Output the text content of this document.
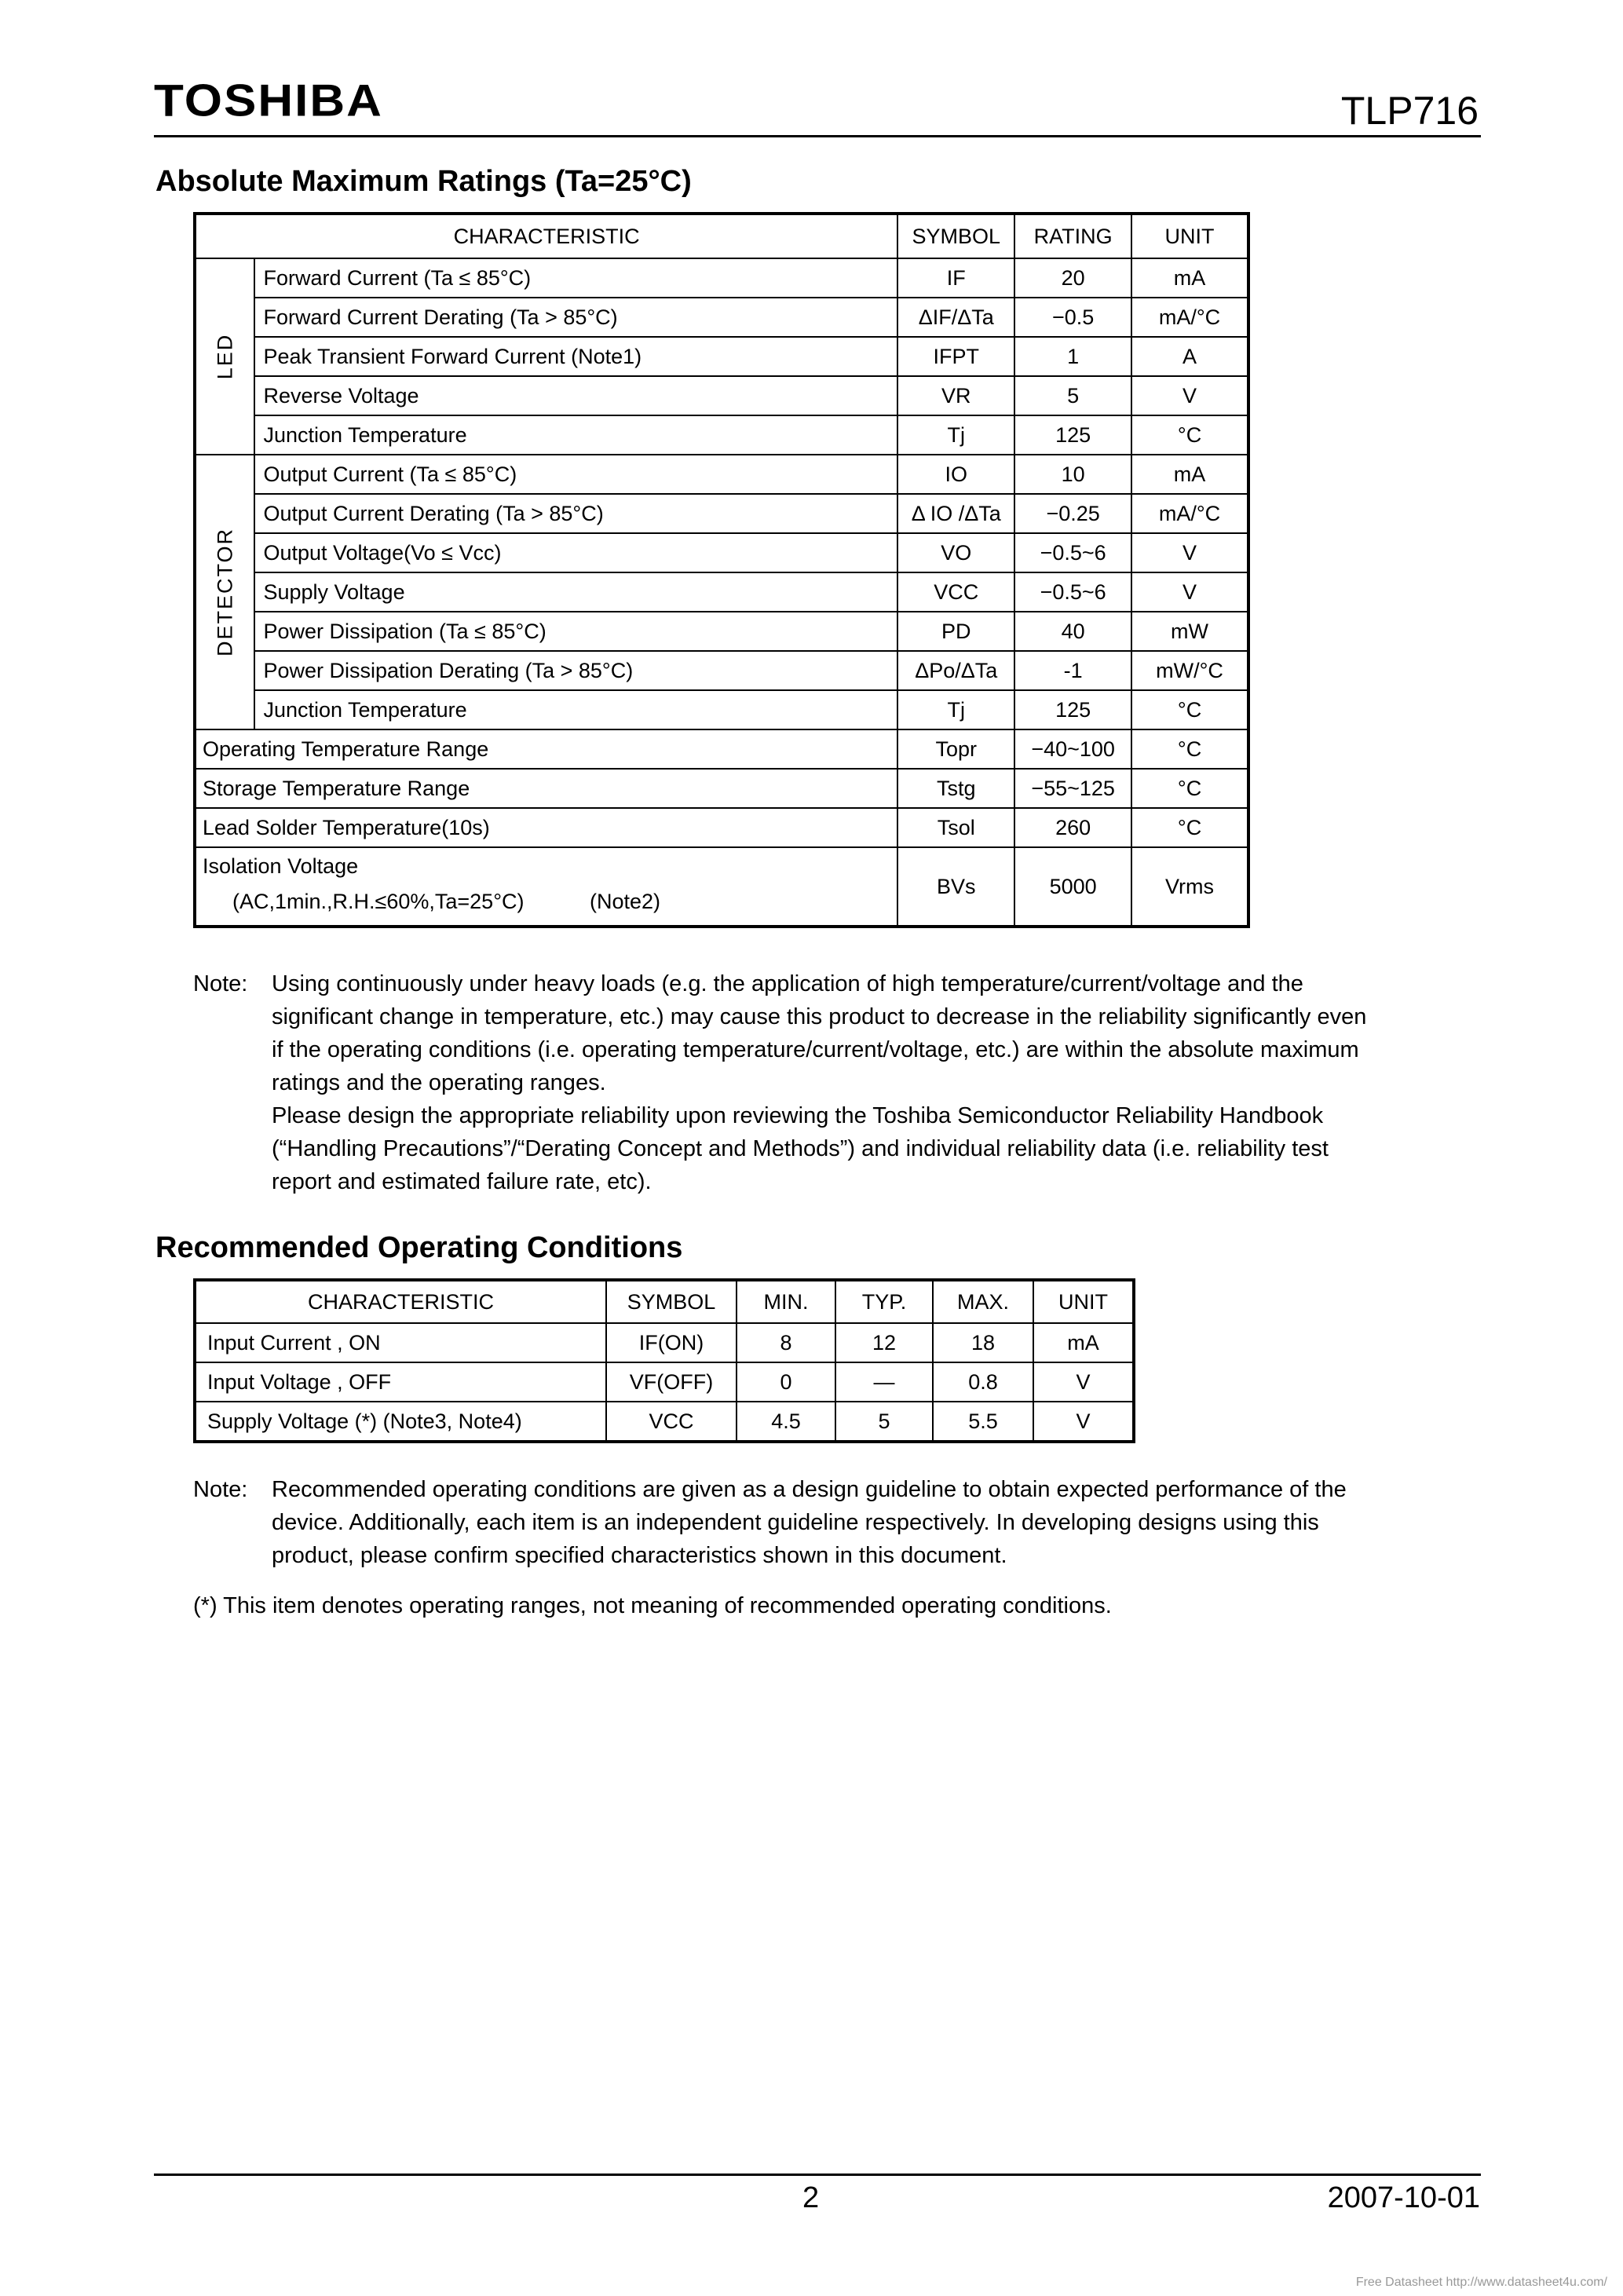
TOSHIBA	TLP716
Absolute Maximum Ratings (Ta=25°C)
CHARACTERISTIC		SYMBOL	RATING	UNIT

LED	Forward Current (Ta ≤ 85°C)	IF	20	mA
	Forward Current Derating (Ta > 85°C)	ΔIF/ΔTa	−0.5	mA/°C
	Peak Transient Forward Current (Note1)	IFPT	1	A
	Reverse Voltage	VR	5	V
	Junction Temperature	Tj	125	°C

DETECTOR	Output Current (Ta ≤ 85°C)	IO	10	mA
	Output Current Derating (Ta > 85°C)	Δ IO /ΔTa	−0.25	mA/°C
	Output Voltage(Vo ≤ Vcc)	VO	−0.5~6	V
	Supply Voltage	VCC	−0.5~6	V
	Power Dissipation (Ta ≤ 85°C)	PD	40	mW
	Power Dissipation Derating (Ta > 85°C)	ΔPo/ΔTa	-1	mW/°C
	Junction Temperature	Tj	125	°C
Operating Temperature Range		Topr	−40~100	°C
Storage Temperature Range		Tstg	−55~125	°C
Lead Solder Temperature(10s)		Tsol	260	°C

Isolation Voltage
(AC,1min.,R.H.≤60%,Ta=25°C) (Note2)		BVs	5000	Vrms
Note: Using continuously under heavy loads (e.g. the application of high temperature/current/voltage and the
significant change in temperature, etc.) may cause this product to decrease in the reliability significantly even
if the operating conditions (i.e. operating temperature/current/voltage, etc.) are within the absolute maximum
ratings and the operating ranges.
Please design the appropriate reliability upon reviewing the Toshiba Semiconductor Reliability Handbook
(“Handling Precautions”/“Derating Concept and Methods”) and individual reliability data (i.e. reliability test
report and estimated failure rate, etc).
Recommended Operating Conditions
CHARACTERISTIC	SYMBOL	MIN.	TYP.	MAX.	UNIT
Input Current , ON	IF(ON)	8	12	18	mA
Input Voltage , OFF	VF(OFF)	0	—	0.8	V
Supply Voltage (*) (Note3, Note4)	VCC	4.5	5	5.5	V
Note: Recommended operating conditions are given as a design guideline to obtain expected performance of the
device. Additionally, each item is an independent guideline respectively. In developing designs using this
product, please confirm specified characteristics shown in this document.
(*) This item denotes operating ranges, not meaning of recommended operating conditions.
2	2007-10-01
Free Datasheet http://www.datasheet4u.com/
